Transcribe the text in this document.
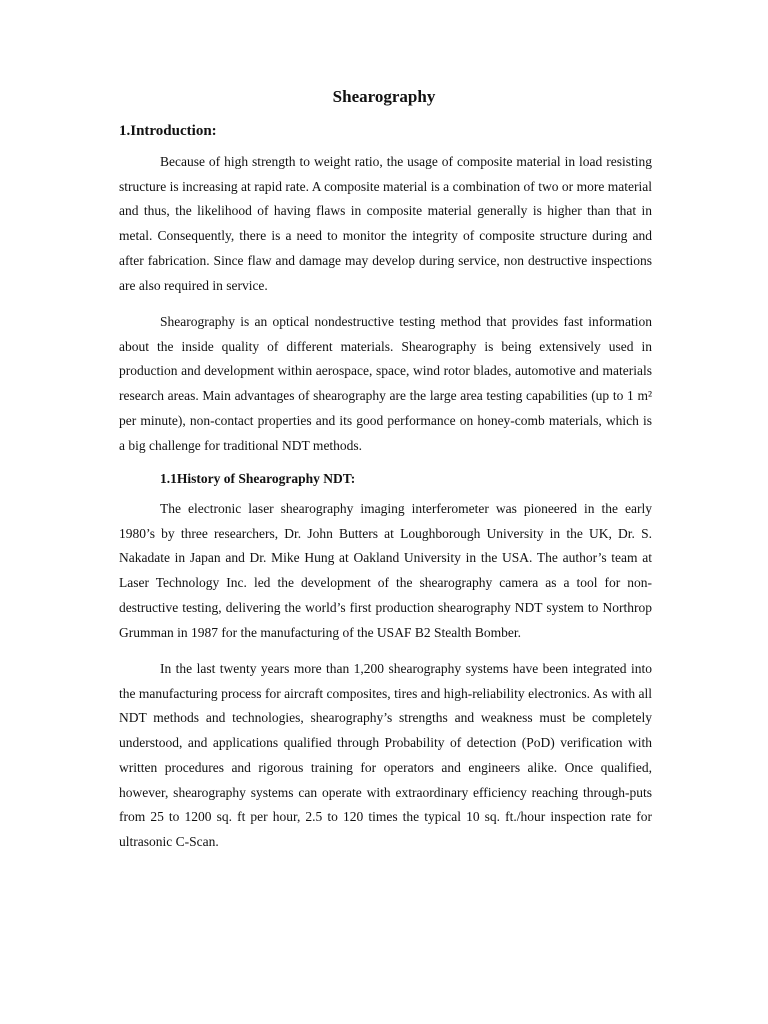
Shearography
1.Introduction:

Because of high strength to weight ratio, the usage of composite material in load resisting structure is increasing at rapid rate. A composite material is a combination of two or more material and thus, the likelihood of having flaws in composite material generally is higher than that in metal. Consequently, there is a need to monitor the integrity of composite structure during and after fabrication. Since flaw and damage may develop during service, non destructive inspections are also required in service.

Shearography is an optical nondestructive testing method that provides fast information about the inside quality of different materials. Shearography is being extensively used in production and development within aerospace, space, wind rotor blades, automotive and materials research areas. Main advantages of shearography are the large area testing capabilities (up to 1 m² per minute), non-contact properties and its good performance on honey-comb materials, which is a big challenge for traditional NDT methods.

1.1History of Shearography NDT:

The electronic laser shearography imaging interferometer was pioneered in the early 1980’s by three researchers, Dr. John Butters at Loughborough University in the UK, Dr. S. Nakadate in Japan and Dr. Mike Hung at Oakland University in the USA. The author’s team at Laser Technology Inc. led the development of the shearography camera as a tool for non-destructive testing, delivering the world’s first production shearography NDT system to Northrop Grumman in 1987 for the manufacturing of the USAF B2 Stealth Bomber.

In the last twenty years more than 1,200 shearography systems have been integrated into the manufacturing process for aircraft composites, tires and high-reliability electronics. As with all NDT methods and technologies, shearography’s strengths and weakness must be completely understood, and applications qualified through Probability of detection (PoD) verification with written procedures and rigorous training for operators and engineers alike. Once qualified, however, shearography systems can operate with extraordinary efficiency reaching through-puts from 25 to 1200 sq. ft per hour, 2.5 to 120 times the typical 10 sq. ft./hour inspection rate for ultrasonic C-Scan.
